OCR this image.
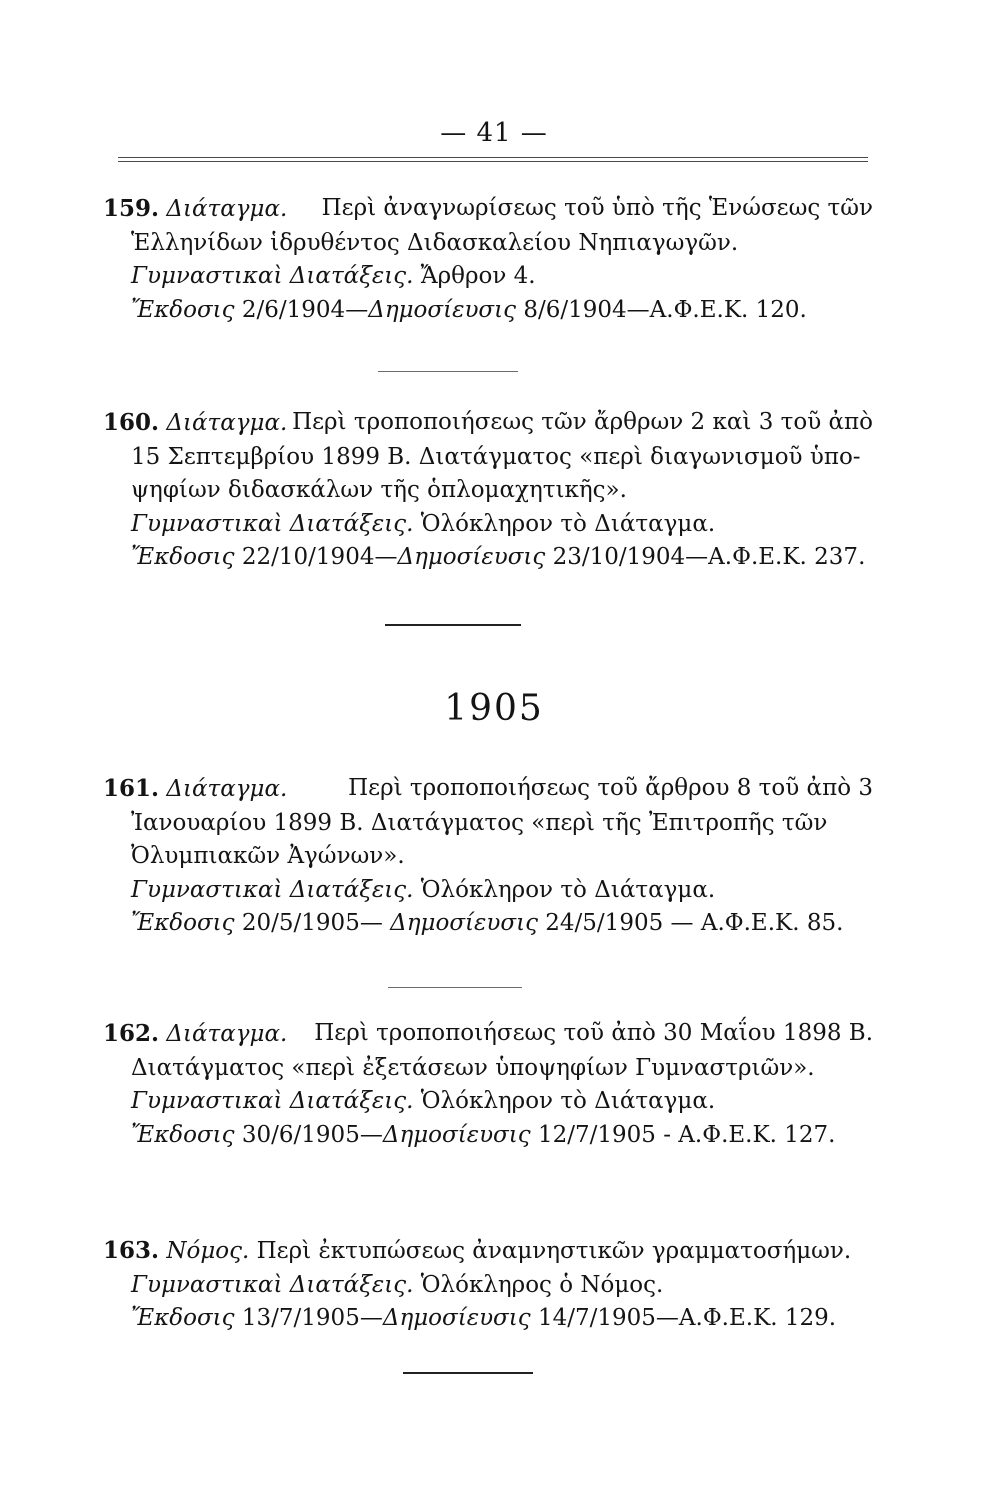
— 41 —
159. Διάταγμα. Περὶ ἀναγνωρίσεως τοῦ ὑπὸ τῆς Ἑνώσεως τῶν
Ἑλληνίδων ἱδρυθέντος Διδασκαλείου Νηπιαγωγῶν.
Γυμναστικαὶ Διατάξεις. Ἄρθρον 4.
Ἔκδοσις 2/6/1904—Δημοσίευσις 8/6/1904—Α.Φ.Ε.Κ. 120.
160. Διάταγμα. Περὶ τροποποιήσεως τῶν ἄρθρων 2 καὶ 3 τοῦ ἀπὸ
15 Σεπτεμβρίου 1899 Β. Διατάγματος «περὶ διαγωνισμοῦ ὑπο-
ψηφίων διδασκάλων τῆς ὁπλομαχητικῆς».
Γυμναστικαὶ Διατάξεις. Ὁλόκληρον τὸ Διάταγμα.
Ἔκδοσις 22/10/1904—Δημοσίευσις 23/10/1904—Α.Φ.Ε.Κ. 237.
1905
161. Διάταγμα.	Περὶ τροποποιήσεως τοῦ ἄρθρου 8 τοῦ ἀπὸ 3
Ἰανουαρίου 1899 Β. Διατάγματος «περὶ τῆς Ἐπιτροπῆς τῶν
Ὀλυμπιακῶν Ἀγώνων».
Γυμναστικαὶ Διατάξεις. Ὁλόκληρον τὸ Διάταγμα.
Ἔκδοσις 20/5/1905— Δημοσίευσις 24/5/1905 — Α.Φ.Ε.Κ. 85.
162. Διάταγμα. Περὶ τροποποιήσεως τοῦ ἀπὸ 30 Μαΐου 1898 Β.
Διατάγματος «περὶ ἐξετάσεων ὑποψηφίων Γυμναστριῶν».
Γυμναστικαὶ Διατάξεις. Ὁλόκληρον τὸ Διάταγμα.
Ἔκδοσις 30/6/1905—Δημοσίευσις 12/7/1905 - Α.Φ.Ε.Κ. 127.
163. Νόμος. Περὶ ἐκτυπώσεως ἀναμνηστικῶν γραμματοσήμων.
Γυμναστικαὶ Διατάξεις. Ὁλόκληρος ὁ Νόμος.
Ἔκδοσις 13/7/1905—Δημοσίευσις 14/7/1905—Α.Φ.Ε.Κ. 129.
